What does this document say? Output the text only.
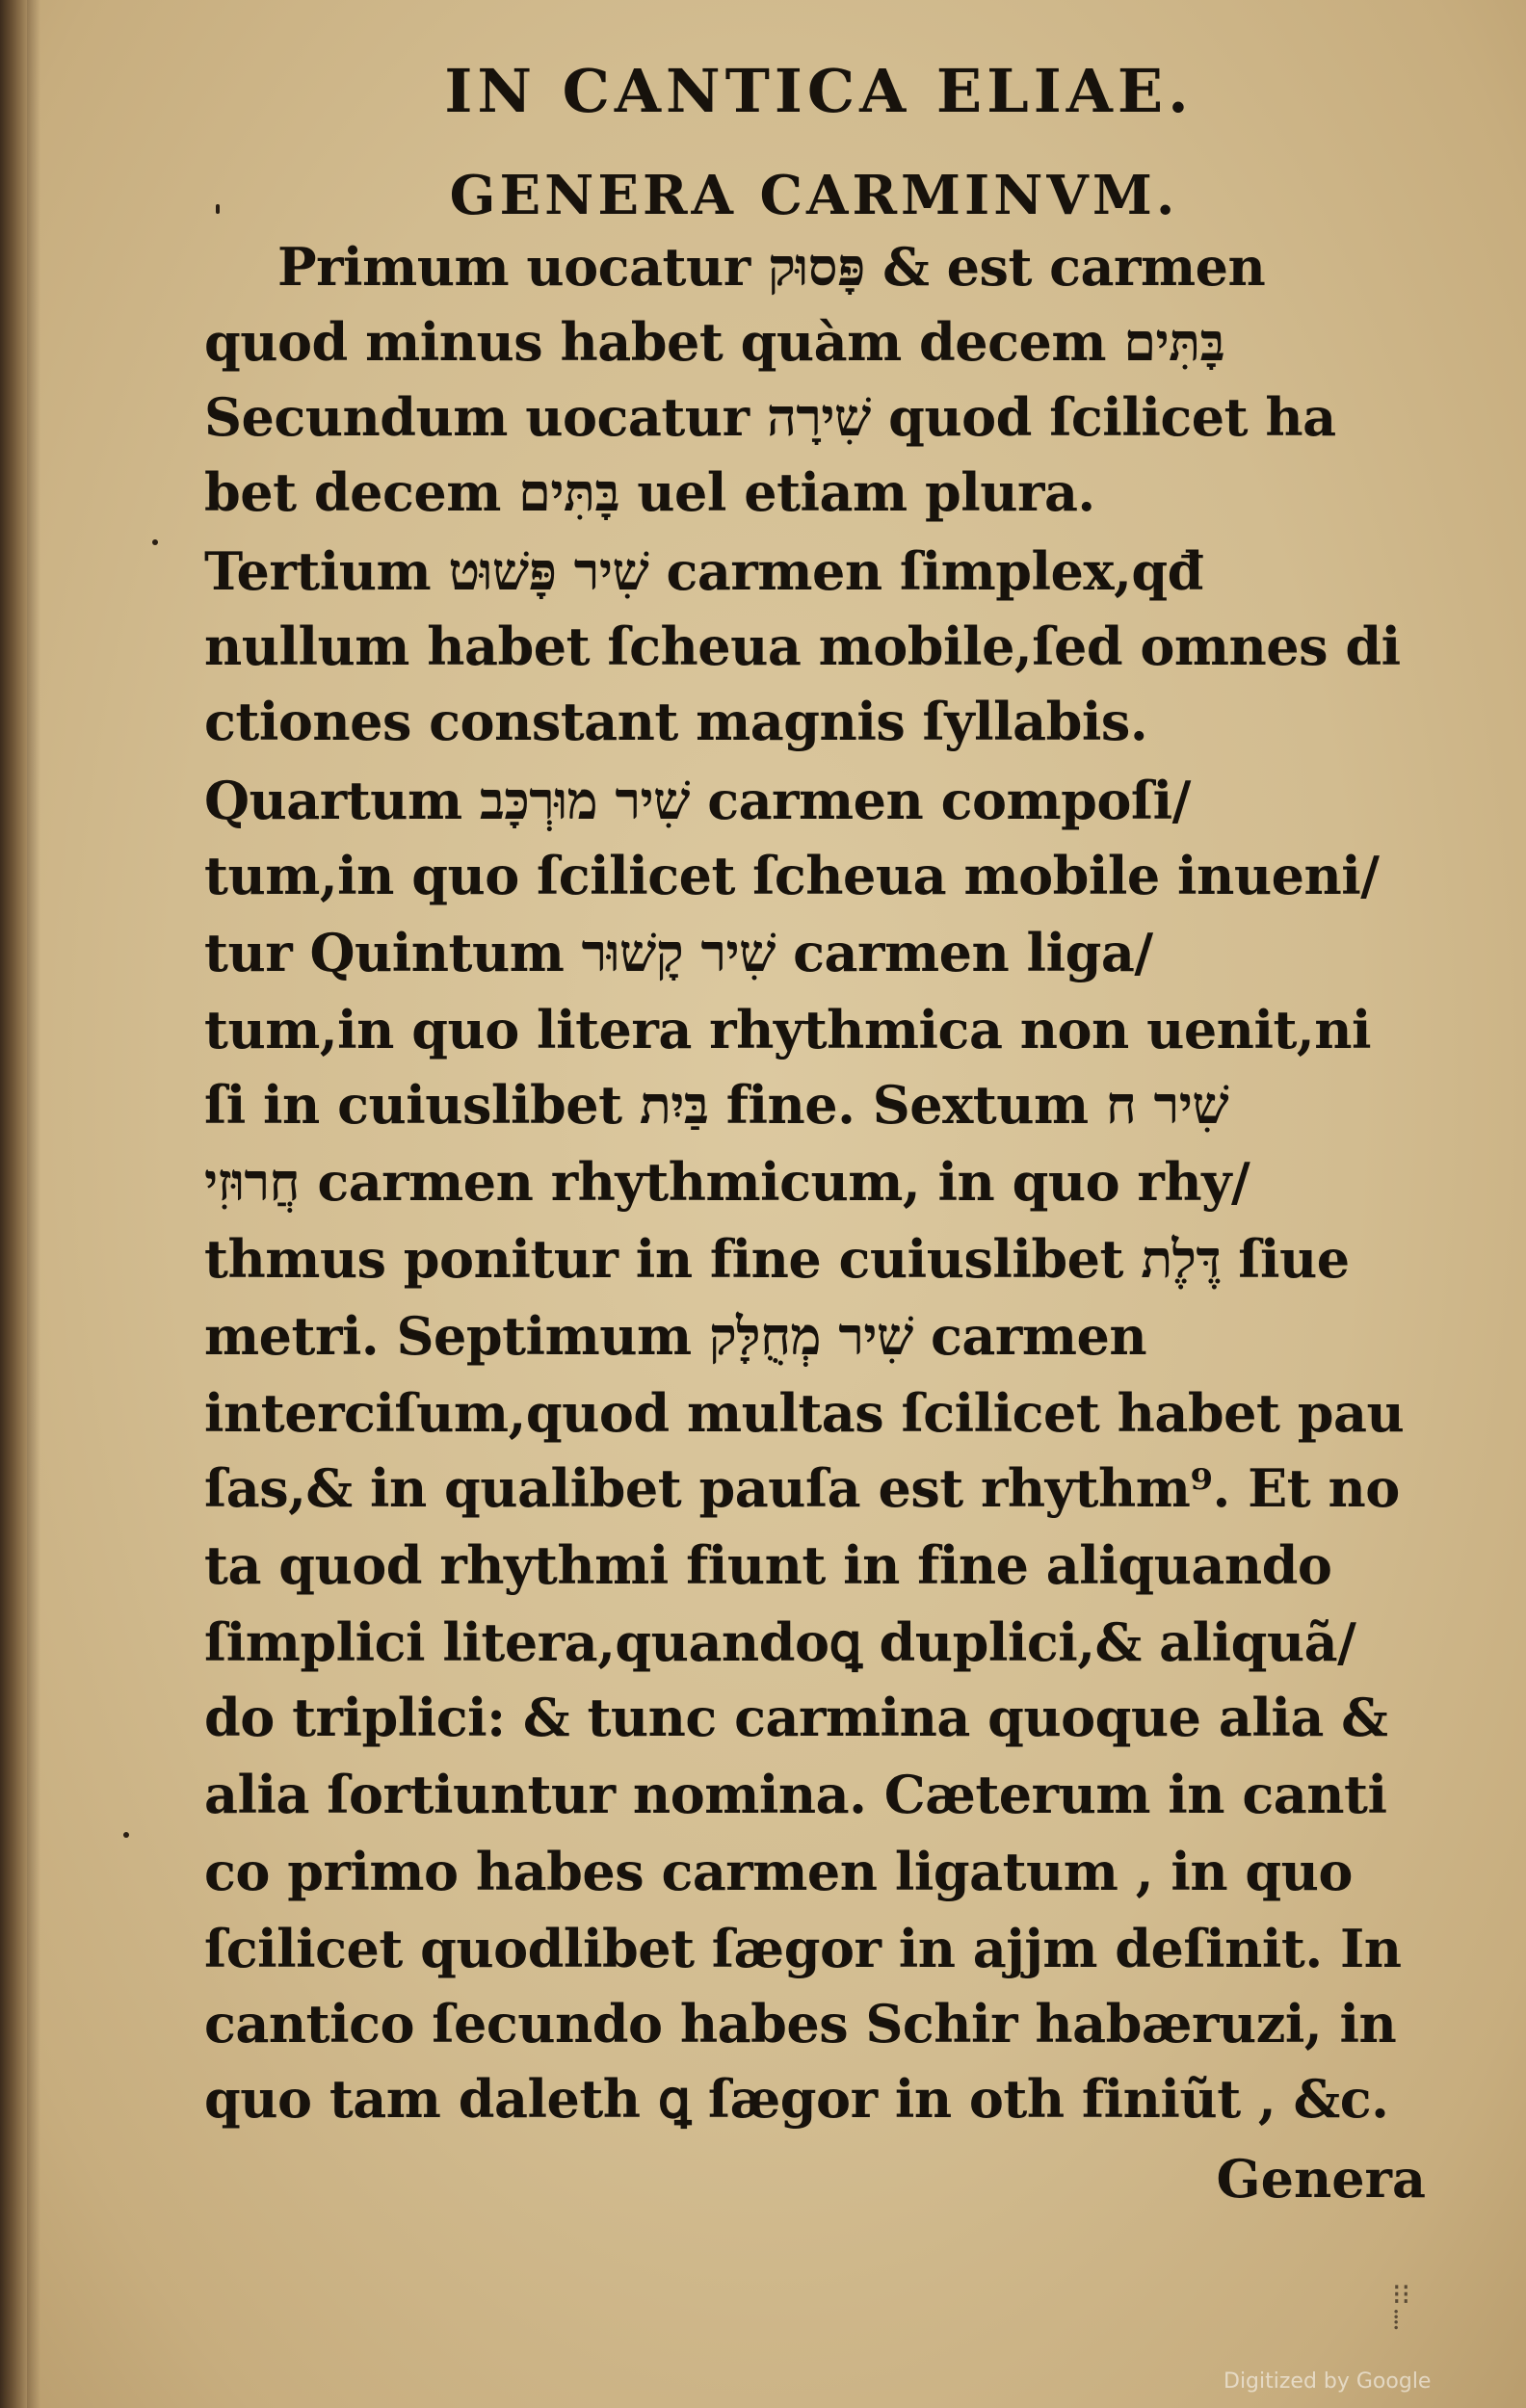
IN CANTICA ELIAE.
GENERA CARMINVM.
Primum uocatur פָּסוּק & est carmen
quod minus habet quàm decem בָּתִּים
Secundum uocatur שִׁירָה quod ſcilicet ha
bet decem בָּתִּים uel etiam plura.
Tertium שִׁיר פָּשׁוּט carmen ſimplex,qđ
nullum habet ſcheua mobile,ſed omnes di
ctiones constant magnis ſyllabis.
Quartum שִׁיר מוּרְכָּב carmen compoſi/
tum,in quo ſcilicet ſcheua mobile inueni/
tur Quintum שִׁיר קָשׁוּר carmen liga/
tum,in quo litera rhythmica non uenit,ni
ſi in cuiuslibet בַּיִת fine. Sextum שִׁיר ח
חֲרוּזִי carmen rhythmicum, in quo rhy/
thmus ponitur in fine cuiuslibet דֶּלֶת ſiue
metri. Septimum שִׁיר מְחֻלָּק carmen
interciſum,quod multas ſcilicet habet pau
ſas,& in qualibet pauſa est rhythm⁹. Et no
ta quod rhythmi fiunt in fine aliquando
ſimplici litera,quandoꝗ duplici,& aliquã/
do triplici: & tunc carmina quoque alia &
alia ſortiuntur nomina. Cæterum in canti
co primo habes carmen ligatum , in quo
ſcilicet quodlibet ſægor in ajjm deſinit. In
cantico ſecundo habes Schir habæruzi, in
quo tam daleth ꝗ ſægor in oth finiũt , &c.
Genera
⁝⁝
⁞
Digitized by Google
